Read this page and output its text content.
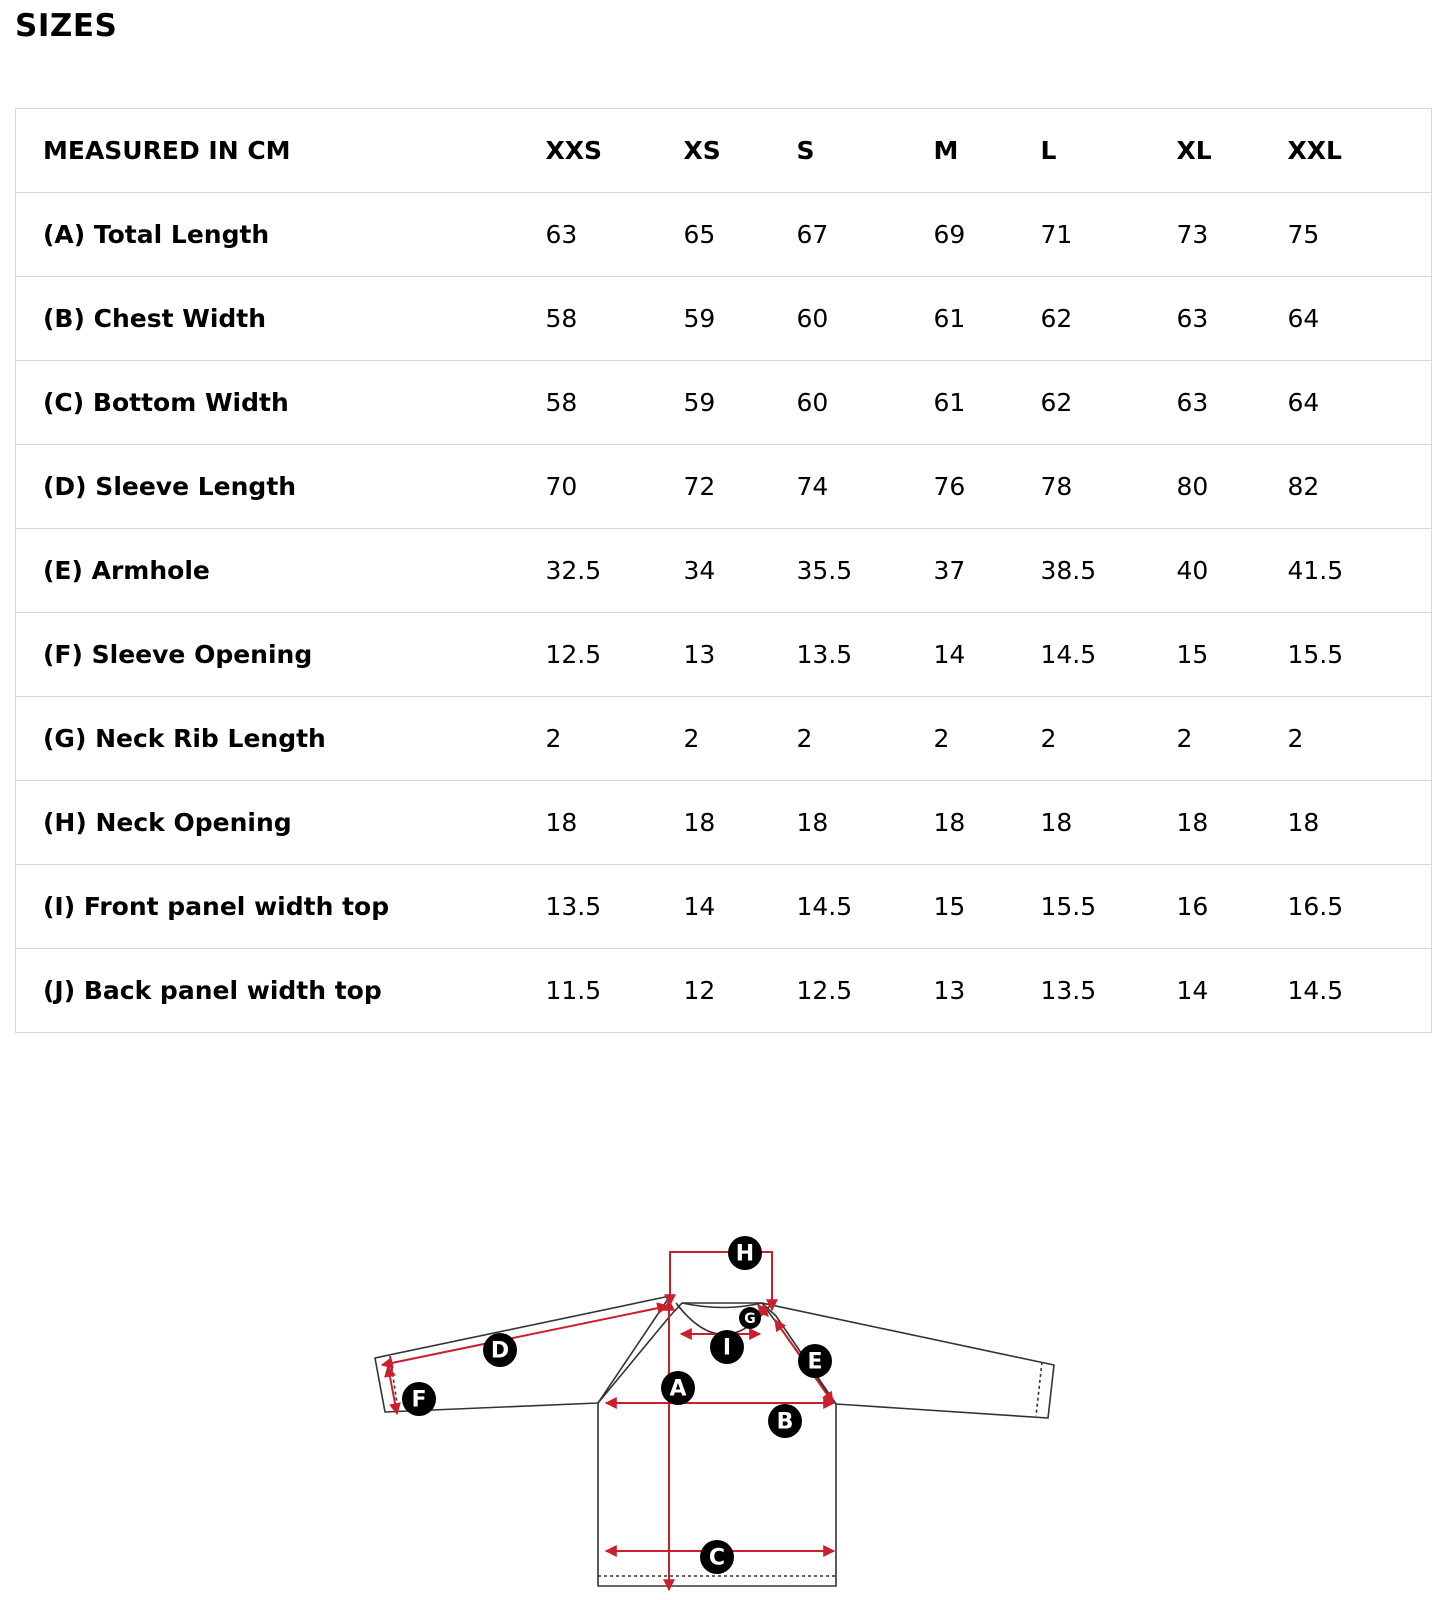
SIZES
MEASURED IN CM	XXS	XS	S	M	L	XL	XXL
(A) Total Length	63	65	67	69	71	73	75
(B) Chest Width	58	59	60	61	62	63	64
(C) Bottom Width	58	59	60	61	62	63	64
(D) Sleeve Length	70	72	74	76	78	80	82
(E) Armhole	32.5	34	35.5	37	38.5	40	41.5
(F) Sleeve Opening	12.5	13	13.5	14	14.5	15	15.5
(G) Neck Rib Length	2	2	2	2	2	2	2
(H) Neck Opening	18	18	18	18	18	18	18
(I) Front panel width top	13.5	14	14.5	15	15.5	16	16.5
(J) Back panel width top	11.5	12	12.5	13	13.5	14	14.5
A
B
C
D	E
F
G
H
I
